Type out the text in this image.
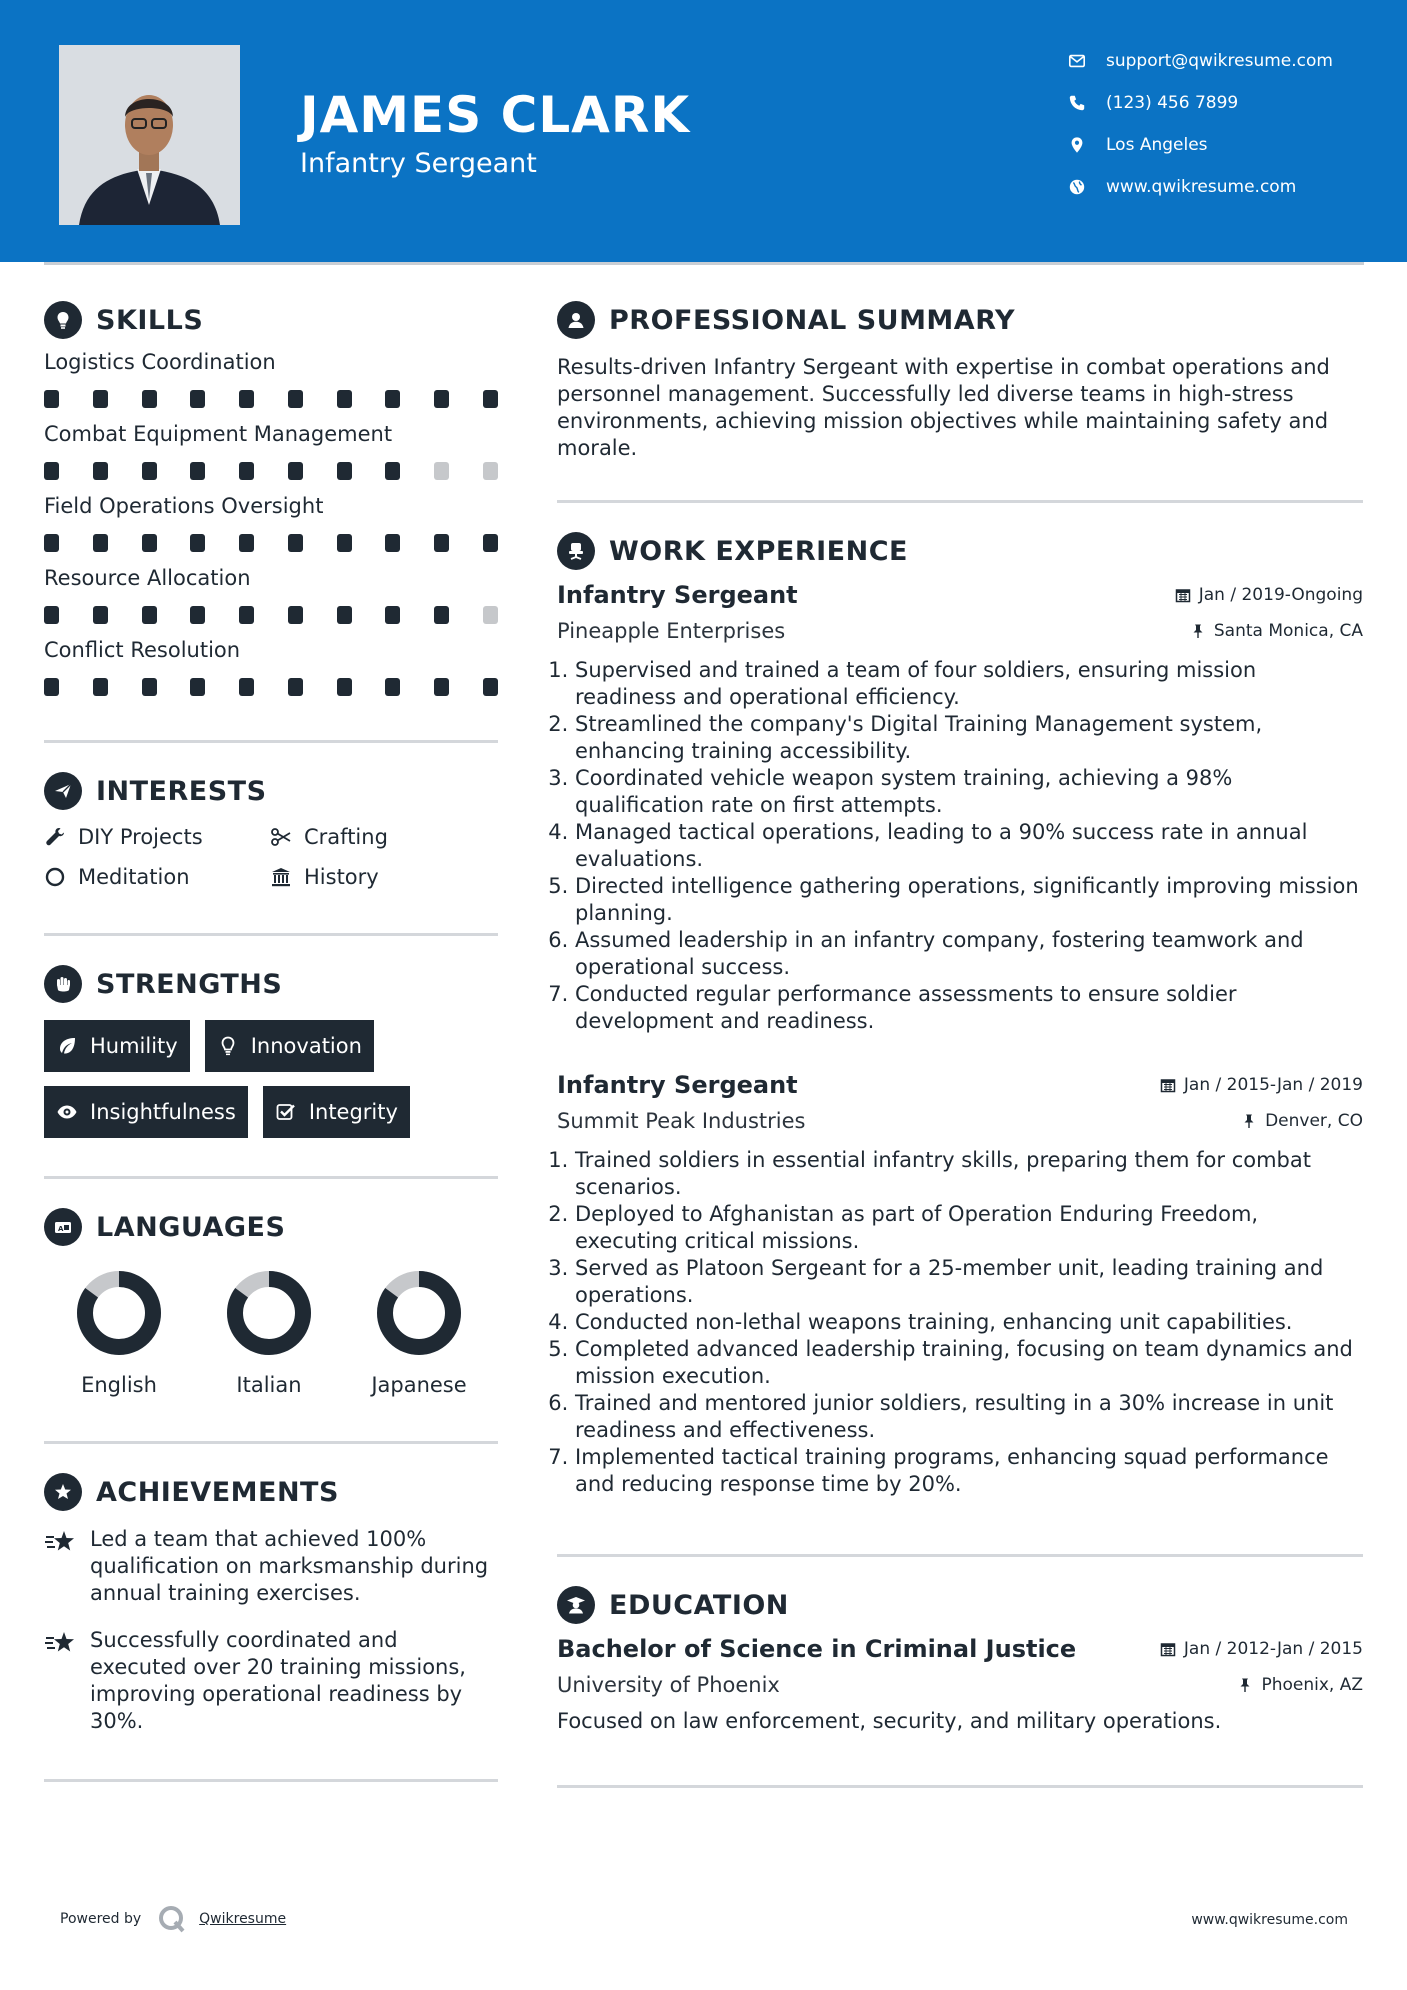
JAMES CLARK
Infantry Sergeant
support@qwikresume.com
(123) 456 7899
Los Angeles
www.qwikresume.com
SKILLS
Logistics Coordination
Combat Equipment Management
Field Operations Oversight
Resource Allocation
Conflict Resolution
INTERESTS
DIY Projects	Crafting
Meditation	History
STRENGTHS
Humility	Innovation
Insightfulness	Integrity
A LANGUAGES
English	Italian	Japanese
ACHIEVEMENTS
Led a team that achieved 100% qualification on marksmanship during annual training exercises.
Successfully coordinated and executed over 20 training missions, improving operational readiness by 30%.
PROFESSIONAL SUMMARY
Results-driven Infantry Sergeant with expertise in combat operations and personnel management. Successfully led diverse teams in high-stress environments, achieving mission objectives while maintaining safety and morale.
WORK EXPERIENCE
Infantry Sergeant	Jan / 2019-Ongoing
Pineapple Enterprises	Santa Monica, CA
1. Supervised and trained a team of four soldiers, ensuring mission readiness and operational efficiency.
2. Streamlined the company's Digital Training Management system, enhancing training accessibility.
3. Coordinated vehicle weapon system training, achieving a 98% qualification rate on first attempts.
4. Managed tactical operations, leading to a 90% success rate in annual evaluations.
5. Directed intelligence gathering operations, significantly improving mission planning.
6. Assumed leadership in an infantry company, fostering teamwork and operational success.
7. Conducted regular performance assessments to ensure soldier development and readiness.
Infantry Sergeant	Jan / 2015-Jan / 2019
Summit Peak Industries	Denver, CO
1. Trained soldiers in essential infantry skills, preparing them for combat scenarios.
2. Deployed to Afghanistan as part of Operation Enduring Freedom, executing critical missions.
3. Served as Platoon Sergeant for a 25-member unit, leading training and operations.
4. Conducted non-lethal weapons training, enhancing unit capabilities.
5. Completed advanced leadership training, focusing on team dynamics and mission execution.
6. Trained and mentored junior soldiers, resulting in a 30% increase in unit readiness and effectiveness.
7. Implemented tactical training programs, enhancing squad performance and reducing response time by 20%.
EDUCATION
Bachelor of Science in Criminal Justice	Jan / 2012-Jan / 2015
University of Phoenix	Phoenix, AZ
Focused on law enforcement, security, and military operations.
Powered by	Qwikresume	www.qwikresume.com
